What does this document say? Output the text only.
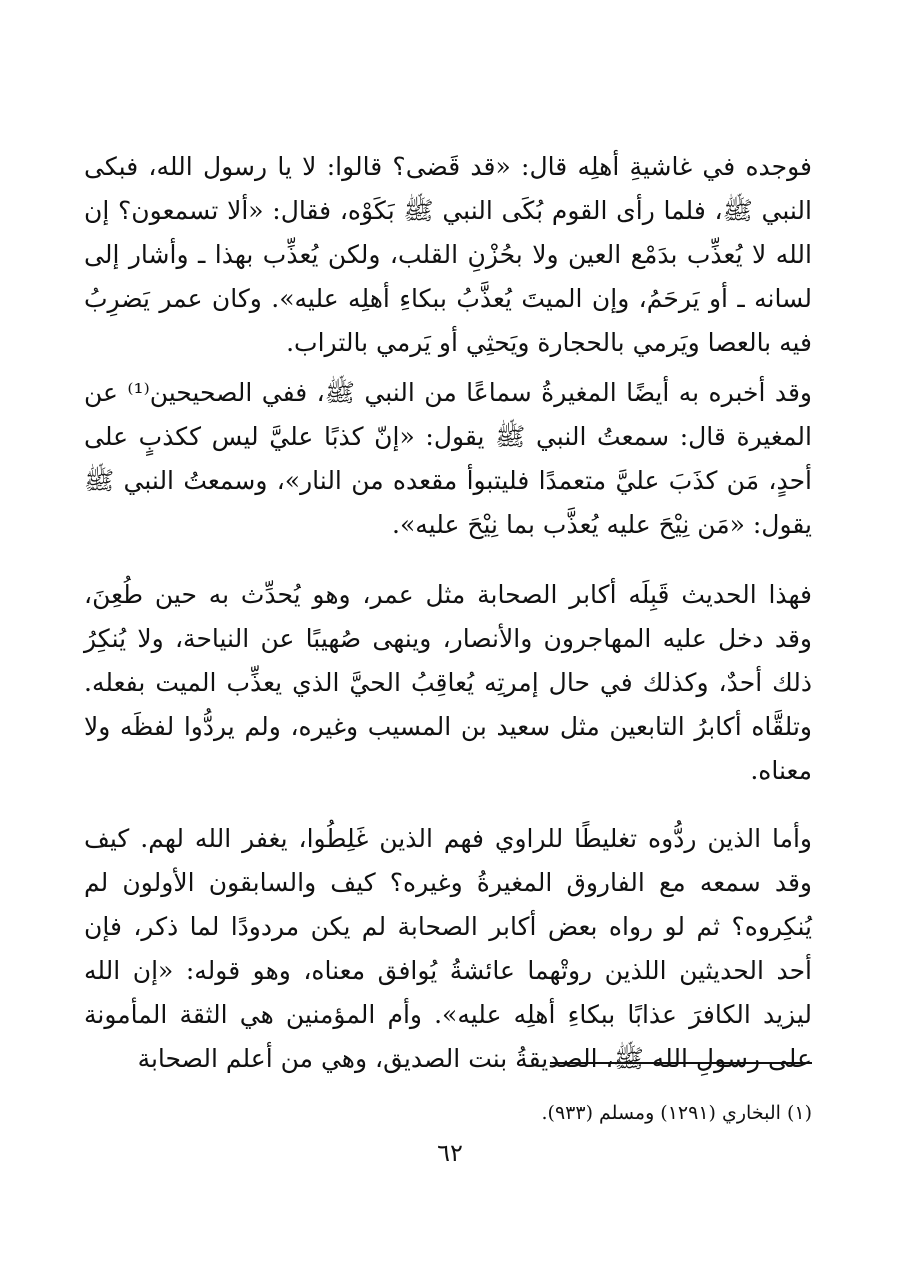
فوجده في غاشيةِ أهلِه قال: «قد قَضى؟ قالوا: لا يا رسول الله، فبكى النبي ﷺ، فلما رأى القوم بُكَى النبي ﷺ بَكَوْه، فقال: «ألا تسمعون؟ إن الله لا يُعذِّب بدَمْع العين ولا بحُزْنِ القلب، ولكن يُعذِّب بهذا ـ وأشار إلى لسانه ـ أو يَرحَمُ، وإن الميتَ يُعذَّبُ ببكاءِ أهلِه عليه». وكان عمر يَضرِبُ فيه بالعصا ويَرمي بالحجارة ويَحثِي أو يَرمي بالتراب.

وقد أخبره به أيضًا المغيرةُ سماعًا من النبي ﷺ، ففي الصحيحين⁽¹⁾ عن المغيرة قال: سمعتُ النبي ﷺ يقول: «إنّ كذبًا عليَّ ليس ككذبٍ على أحدٍ، مَن كذَبَ عليَّ متعمدًا فليتبوأ مقعده من النار»، وسمعتُ النبي ﷺ يقول: «مَن نِيْحَ عليه يُعذَّب بما نِيْحَ عليه».

فهذا الحديث قَبِلَه أكابر الصحابة مثل عمر، وهو يُحدِّث به حين طُعِنَ، وقد دخل عليه المهاجرون والأنصار، وينهى صُهيبًا عن النياحة، ولا يُنكِرُ ذلك أحدٌ، وكذلك في حال إمرتِه يُعاقِبُ الحيَّ الذي يعذِّب الميت بفعله. وتلقَّاه أكابرُ التابعين مثل سعيد بن المسيب وغيره، ولم يردُّوا لفظَه ولا معناه.

وأما الذين ردُّوه تغليطًا للراوي فهم الذين غَلِطُوا، يغفر الله لهم. كيف وقد سمعه مع الفاروق المغيرةُ وغيره؟ كيف والسابقون الأولون لم يُنكِروه؟ ثم لو رواه بعض أكابر الصحابة لم يكن مردودًا لما ذكر، فإن أحد الحديثين اللذين روتْهما عائشةُ يُوافق معناه، وهو قوله: «إن الله ليزيد الكافرَ عذابًا ببكاءِ أهلِه عليه». وأم المؤمنين هي الثقة المأمونة على رسولِ الله ﷺ، الصديقةُ بنت الصديق، وهي من أعلم الصحابة

(١) البخاري (١٢٩١) ومسلم (٩٣٣).

٦٢
